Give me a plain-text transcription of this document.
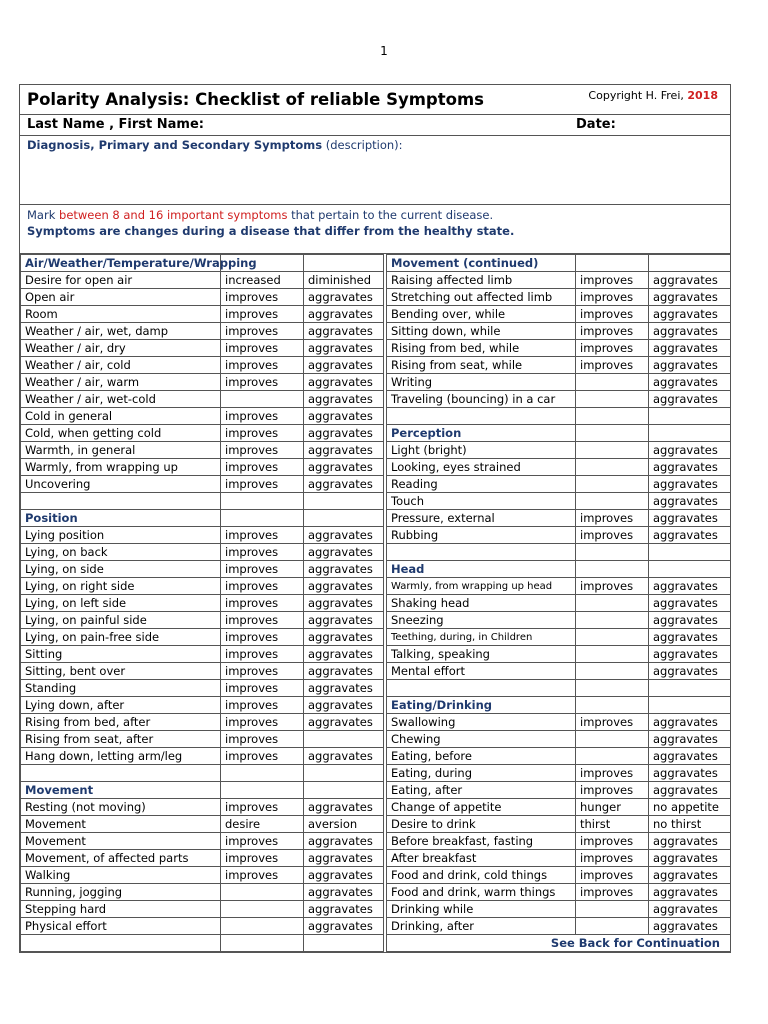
1
Polarity Analysis: Checklist of reliable Symptoms	Copyright H. Frei, 2018
Last Name , First Name:	Date:
Diagnosis, Primary and Secondary Symptoms (description):
Mark between 8 and 16 important symptoms that pertain to the current disease.
Symptoms are changes during a disease that differ from the healthy state.
Air/Weather/Temperature/Wrapping				Movement (continued)		
Desire for open air	increased	diminished		Raising affected limb	improves	aggravates
Open air	improves	aggravates		Stretching out affected limb	improves	aggravates
Room	improves	aggravates		Bending over, while	improves	aggravates
Weather / air, wet, damp	improves	aggravates		Sitting down, while	improves	aggravates
Weather / air, dry	improves	aggravates		Rising from bed, while	improves	aggravates
Weather / air, cold	improves	aggravates		Rising from seat, while	improves	aggravates
Weather / air, warm	improves	aggravates		Writing		aggravates
Weather / air, wet-cold		aggravates		Traveling (bouncing) in a car		aggravates
Cold in general	improves	aggravates				
Cold, when getting cold	improves	aggravates		Perception		
Warmth, in general	improves	aggravates		Light (bright)		aggravates
Warmly, from wrapping up	improves	aggravates		Looking, eyes strained		aggravates
Uncovering	improves	aggravates		Reading		aggravates
				Touch		aggravates
Position				Pressure, external	improves	aggravates
Lying position	improves	aggravates		Rubbing	improves	aggravates
Lying, on back	improves	aggravates				
Lying, on side	improves	aggravates		Head		
Lying, on right side	improves	aggravates		Warmly, from wrapping up head	improves	aggravates
Lying, on left side	improves	aggravates		Shaking head		aggravates
Lying, on painful side	improves	aggravates		Sneezing		aggravates
Lying, on pain-free side	improves	aggravates		Teething, during, in Children		aggravates
Sitting	improves	aggravates		Talking, speaking		aggravates
Sitting, bent over	improves	aggravates		Mental effort		aggravates
Standing	improves	aggravates				
Lying down, after	improves	aggravates		Eating/Drinking		
Rising from bed, after	improves	aggravates		Swallowing	improves	aggravates
Rising from seat, after	improves			Chewing		aggravates
Hang down, letting arm/leg	improves	aggravates		Eating, before		aggravates
				Eating, during	improves	aggravates
Movement				Eating, after	improves	aggravates
Resting (not moving)	improves	aggravates		Change of appetite	hunger	no appetite
Movement	desire	aversion		Desire to drink	thirst	no thirst
Movement	improves	aggravates		Before breakfast, fasting	improves	aggravates
Movement, of affected parts	improves	aggravates		After breakfast	improves	aggravates
Walking	improves	aggravates		Food and drink, cold things	improves	aggravates
Running, jogging		aggravates		Food and drink, warm things	improves	aggravates
Stepping hard		aggravates		Drinking while		aggravates
Physical effort		aggravates		Drinking, after		aggravates
				See Back for Continuation		
